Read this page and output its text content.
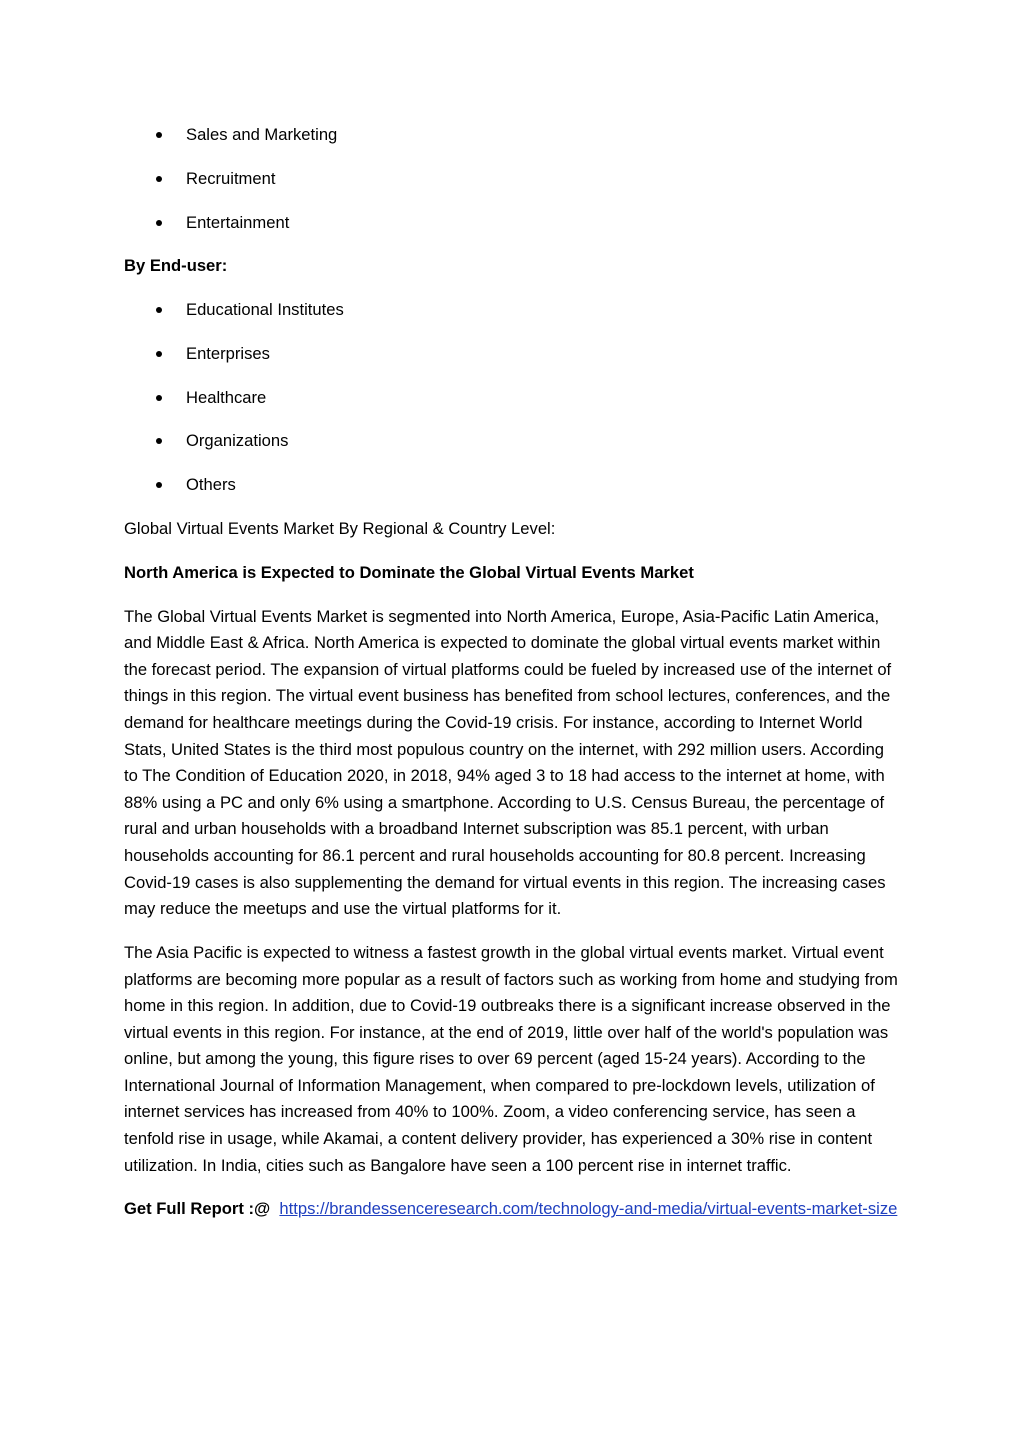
Sales and Marketing
Recruitment
Entertainment
By End-user:
Educational Institutes
Enterprises
Healthcare
Organizations
Others
Global Virtual Events Market By Regional & Country Level:
North America is Expected to Dominate the Global Virtual Events Market

The Global Virtual Events Market is segmented into North America, Europe, Asia-Pacific Latin America, and Middle East & Africa. North America is expected to dominate the global virtual events market within the forecast period. The expansion of virtual platforms could be fueled by increased use of the internet of things in this region. The virtual event business has benefited from school lectures, conferences, and the demand for healthcare meetings during the Covid-19 crisis. For instance, according to Internet World Stats, United States is the third most populous country on the internet, with 292 million users. According to The Condition of Education 2020, in 2018, 94% aged 3 to 18 had access to the internet at home, with 88% using a PC and only 6% using a smartphone. According to U.S. Census Bureau, the percentage of rural and urban households with a broadband Internet subscription was 85.1 percent, with urban households accounting for 86.1 percent and rural households accounting for 80.8 percent. Increasing Covid-19 cases is also supplementing the demand for virtual events in this region. The increasing cases may reduce the meetups and use the virtual platforms for it.

The Asia Pacific is expected to witness a fastest growth in the global virtual events market. Virtual event platforms are becoming more popular as a result of factors such as working from home and studying from home in this region. In addition, due to Covid-19 outbreaks there is a significant increase observed in the virtual events in this region. For instance, at the end of 2019, little over half of the world's population was online, but among the young, this figure rises to over 69 percent (aged 15-24 years). According to the International Journal of Information Management, when compared to pre-lockdown levels, utilization of internet services has increased from 40% to 100%. Zoom, a video conferencing service, has seen a tenfold rise in usage, while Akamai, a content delivery provider, has experienced a 30% rise in content utilization. In India, cities such as Bangalore have seen a 100 percent rise in internet traffic.

Get Full Report :@ https://brandessenceresearch.com/technology-and-media/virtual-events-market-size
